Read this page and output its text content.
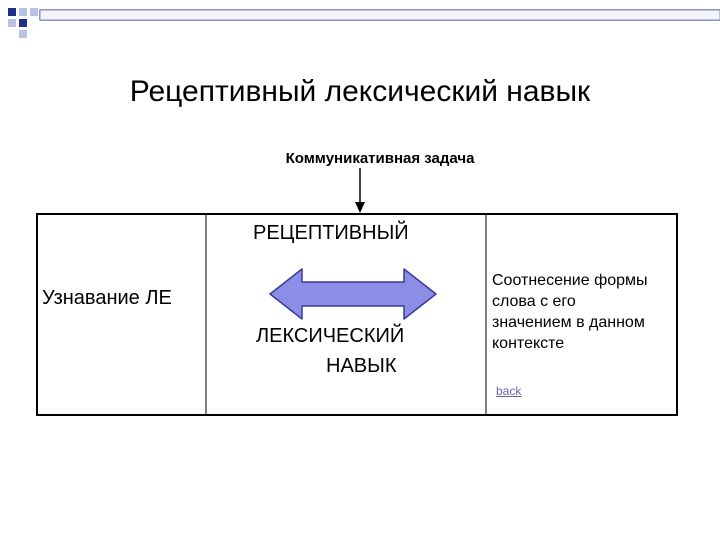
Рецептивный лексический навык
Коммуникативная задача
Узнавание ЛЕ
РЕЦЕПТИВНЫЙ
ЛЕКСИЧЕСКИЙ
НАВЫК
Соотнесение формы
слова с его
значением в данном
контексте
back
